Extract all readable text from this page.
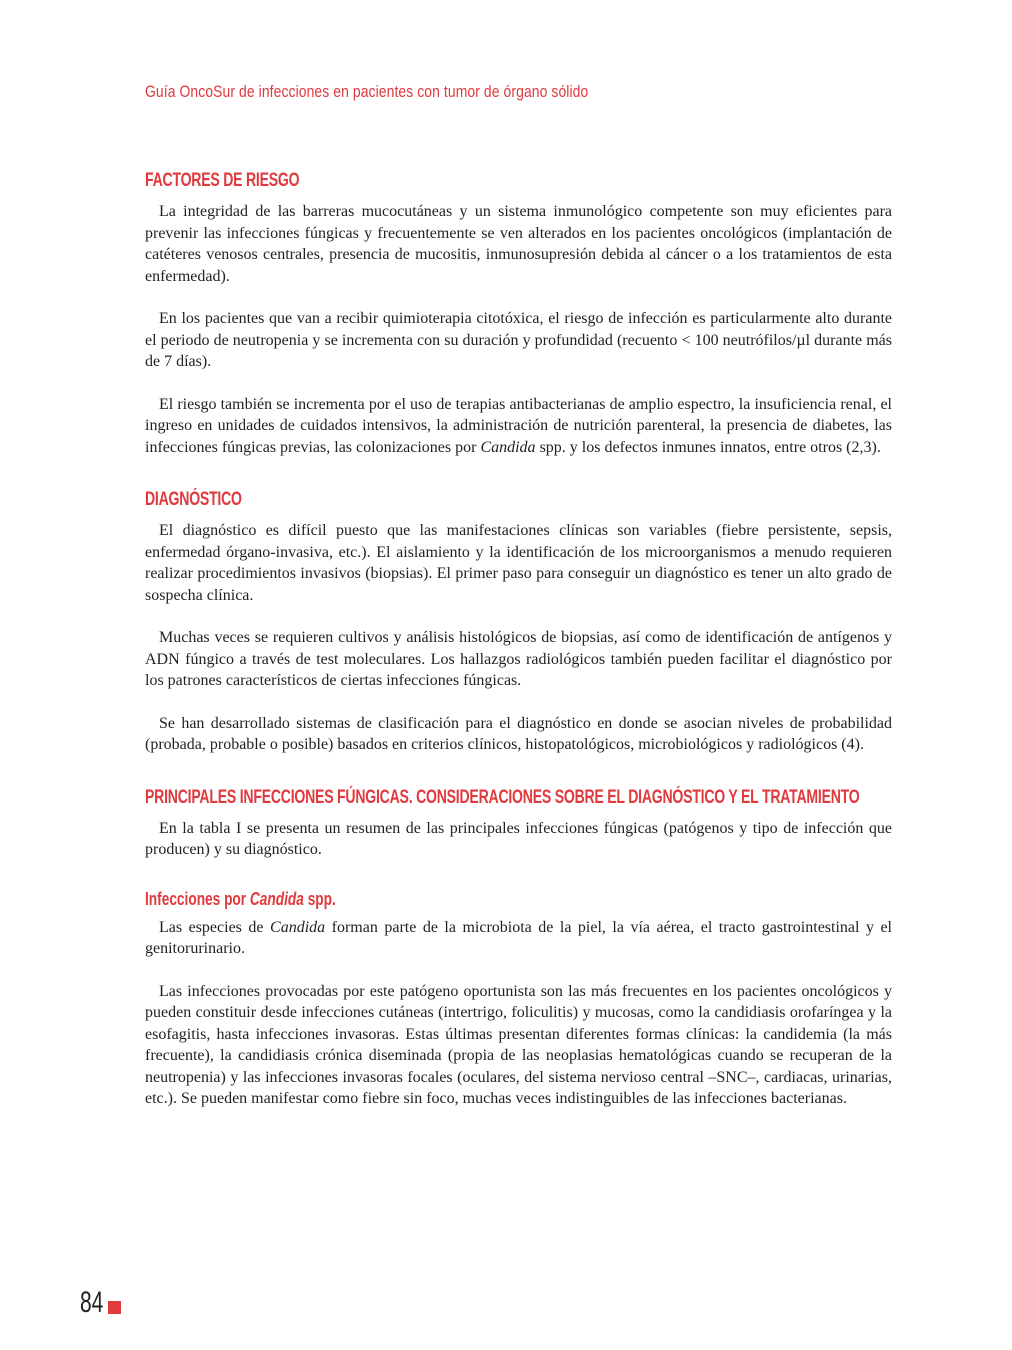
Guía OncoSur de infecciones en pacientes con tumor de órgano sólido
FACTORES DE RIESGO

La integridad de las barreras mucocutáneas y un sistema inmunológico competente son muy eficientes para prevenir las infecciones fúngicas y frecuentemente se ven alterados en los pacientes oncológicos (implantación de catéteres venosos centrales, presencia de mucositis, inmunosupresión debida al cáncer o a los tratamientos de esta enfermedad).

En los pacientes que van a recibir quimioterapia citotóxica, el riesgo de infección es particularmente alto durante el periodo de neutropenia y se incrementa con su duración y profundidad (recuento < 100 neutrófilos/µl durante más de 7 días).

El riesgo también se incrementa por el uso de terapias antibacterianas de amplio espectro, la insuficiencia renal, el ingreso en unidades de cuidados intensivos, la administración de nutrición parenteral, la presencia de diabetes, las infecciones fúngicas previas, las colonizaciones por Candida spp. y los defectos inmunes innatos, entre otros (2,3).

DIAGNÓSTICO

El diagnóstico es difícil puesto que las manifestaciones clínicas son variables (fiebre persistente, sepsis, enfermedad órgano-invasiva, etc.). El aislamiento y la identificación de los microorganismos a menudo requieren realizar procedimientos invasivos (biopsias). El primer paso para conseguir un diagnóstico es tener un alto grado de sospecha clínica.

Muchas veces se requieren cultivos y análisis histológicos de biopsias, así como de identificación de antígenos y ADN fúngico a través de test moleculares. Los hallazgos radiológicos también pueden facilitar el diagnóstico por los patrones característicos de ciertas infecciones fúngicas.

Se han desarrollado sistemas de clasificación para el diagnóstico en donde se asocian niveles de probabilidad (probada, probable o posible) basados en criterios clínicos, histopatológicos, microbiológicos y radiológicos (4).

PRINCIPALES INFECCIONES FÚNGICAS. CONSIDERACIONES SOBRE EL DIAGNÓSTICO Y EL TRATAMIENTO

En la tabla I se presenta un resumen de las principales infecciones fúngicas (patógenos y tipo de infección que producen) y su diagnóstico.

Infecciones por Candida spp.

Las especies de Candida forman parte de la microbiota de la piel, la vía aérea, el tracto gastrointestinal y el genitorurinario.

Las infecciones provocadas por este patógeno oportunista son las más frecuentes en los pacientes oncológicos y pueden constituir desde infecciones cutáneas (intertrigo, foliculitis) y mucosas, como la candidiasis orofaríngea y la esofagitis, hasta infecciones invasoras. Estas últimas presentan diferentes formas clínicas: la candidemia (la más frecuente), la candidiasis crónica diseminada (propia de las neoplasias hematológicas cuando se recuperan de la neutropenia) y las infecciones invasoras focales (oculares, del sistema nervioso central –SNC–, cardiacas, urinarias, etc.). Se pueden manifestar como fiebre sin foco, muchas veces indistinguibles de las infecciones bacterianas.

84
